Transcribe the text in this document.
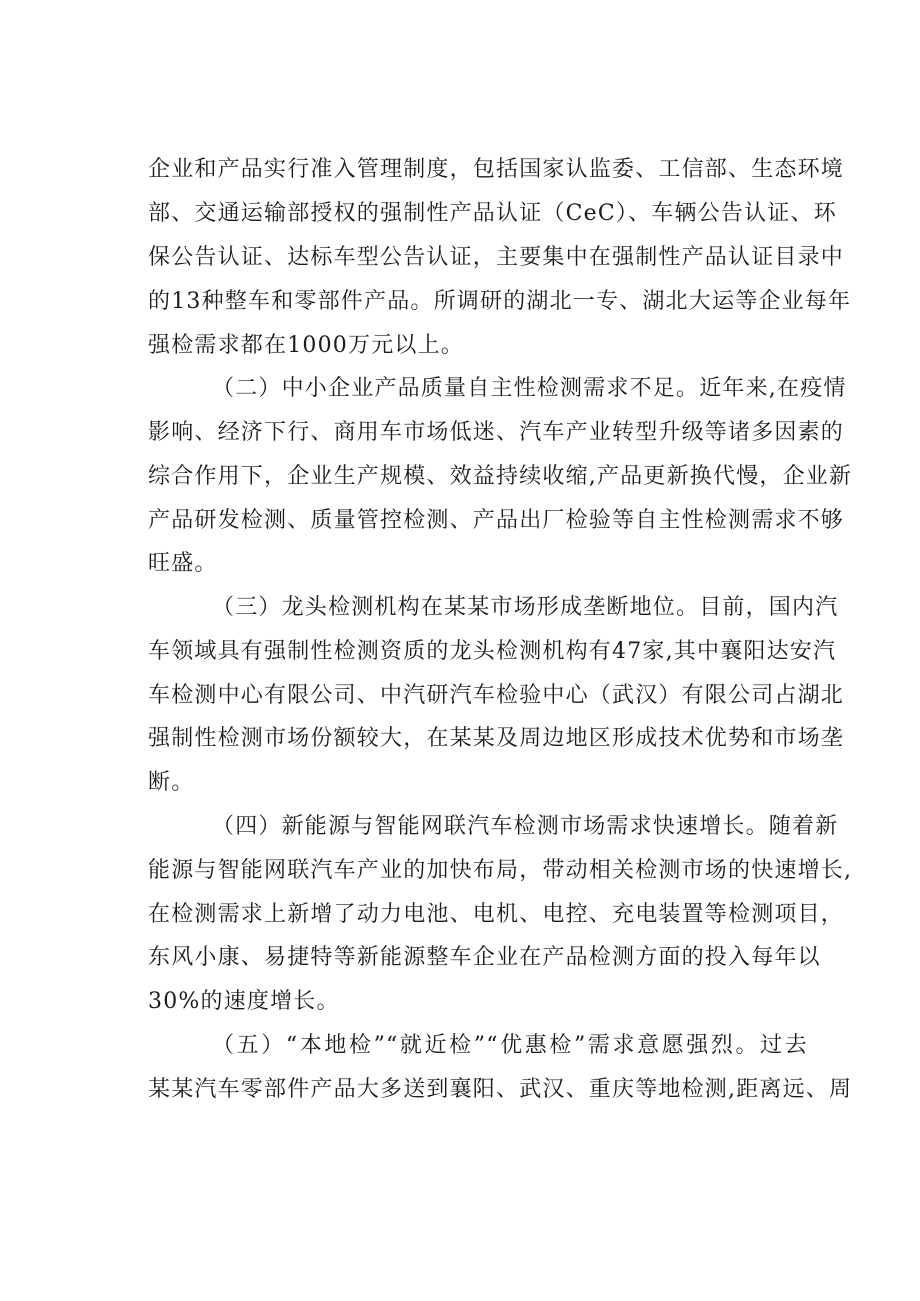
企业和产品实行准入管理制度，包括国家认监委、工信部、生态环境
部、交通运输部授权的强制性产品认证（CeC）、车辆公告认证、环
保公告认证、达标车型公告认证，主要集中在强制性产品认证目录中
的13种整车和零部件产品。所调研的湖北一专、湖北大运等企业每年
强检需求都在1000万元以上。
（二）中小企业产品质量自主性检测需求不足。近年来,在疫情
影响、经济下行、商用车市场低迷、汽车产业转型升级等诸多因素的
综合作用下，企业生产规模、效益持续收缩,产品更新换代慢，企业新
产品研发检测、质量管控检测、产品出厂检验等自主性检测需求不够
旺盛。
（三）龙头检测机构在某某市场形成垄断地位。目前，国内汽
车领域具有强制性检测资质的龙头检测机构有47家,其中襄阳达安汽
车检测中心有限公司、中汽研汽车检验中心（武汉）有限公司占湖北
强制性检测市场份额较大，在某某及周边地区形成技术优势和市场垄
断。
（四）新能源与智能网联汽车检测市场需求快速增长。随着新
能源与智能网联汽车产业的加快布局，带动相关检测市场的快速增长,
在检测需求上新增了动力电池、电机、电控、充电装置等检测项目，
东风小康、易捷特等新能源整车企业在产品检测方面的投入每年以
30%的速度增长。
（五）“本地检”“就近检”“优惠检”需求意愿强烈。过去
某某汽车零部件产品大多送到襄阳、武汉、重庆等地检测,距离远、周
